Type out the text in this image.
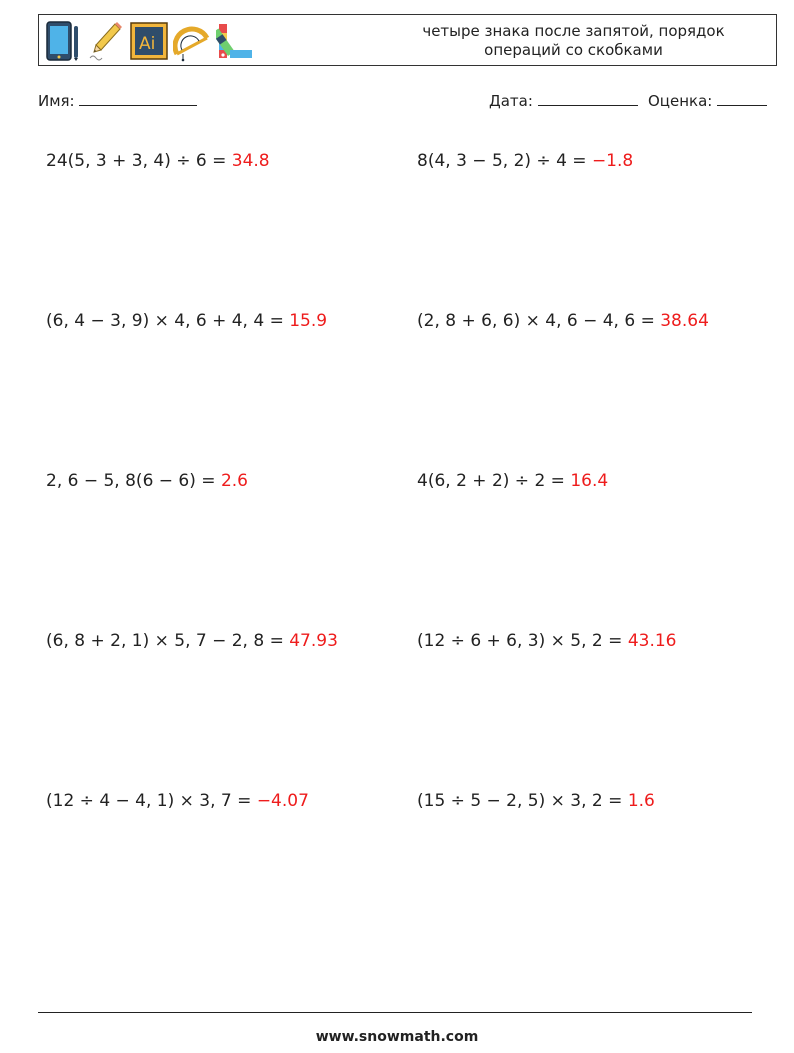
Ai
четыре знака после запятой, порядок
операций со скобками
Имя:	Дата:	Оценка:
24(5, 3 + 3, 4) ÷ 6 = 34.8	8(4, 3 − 5, 2) ÷ 4 = −1.8
(6, 4 − 3, 9) × 4, 6 + 4, 4 = 15.9	(2, 8 + 6, 6) × 4, 6 − 4, 6 = 38.64
2, 6 − 5, 8(6 − 6) = 2.6	4(6, 2 + 2) ÷ 2 = 16.4
(6, 8 + 2, 1) × 5, 7 − 2, 8 = 47.93	(12 ÷ 6 + 6, 3) × 5, 2 = 43.16
(12 ÷ 4 − 4, 1) × 3, 7 = −4.07	(15 ÷ 5 − 2, 5) × 3, 2 = 1.6
www.snowmath.com
